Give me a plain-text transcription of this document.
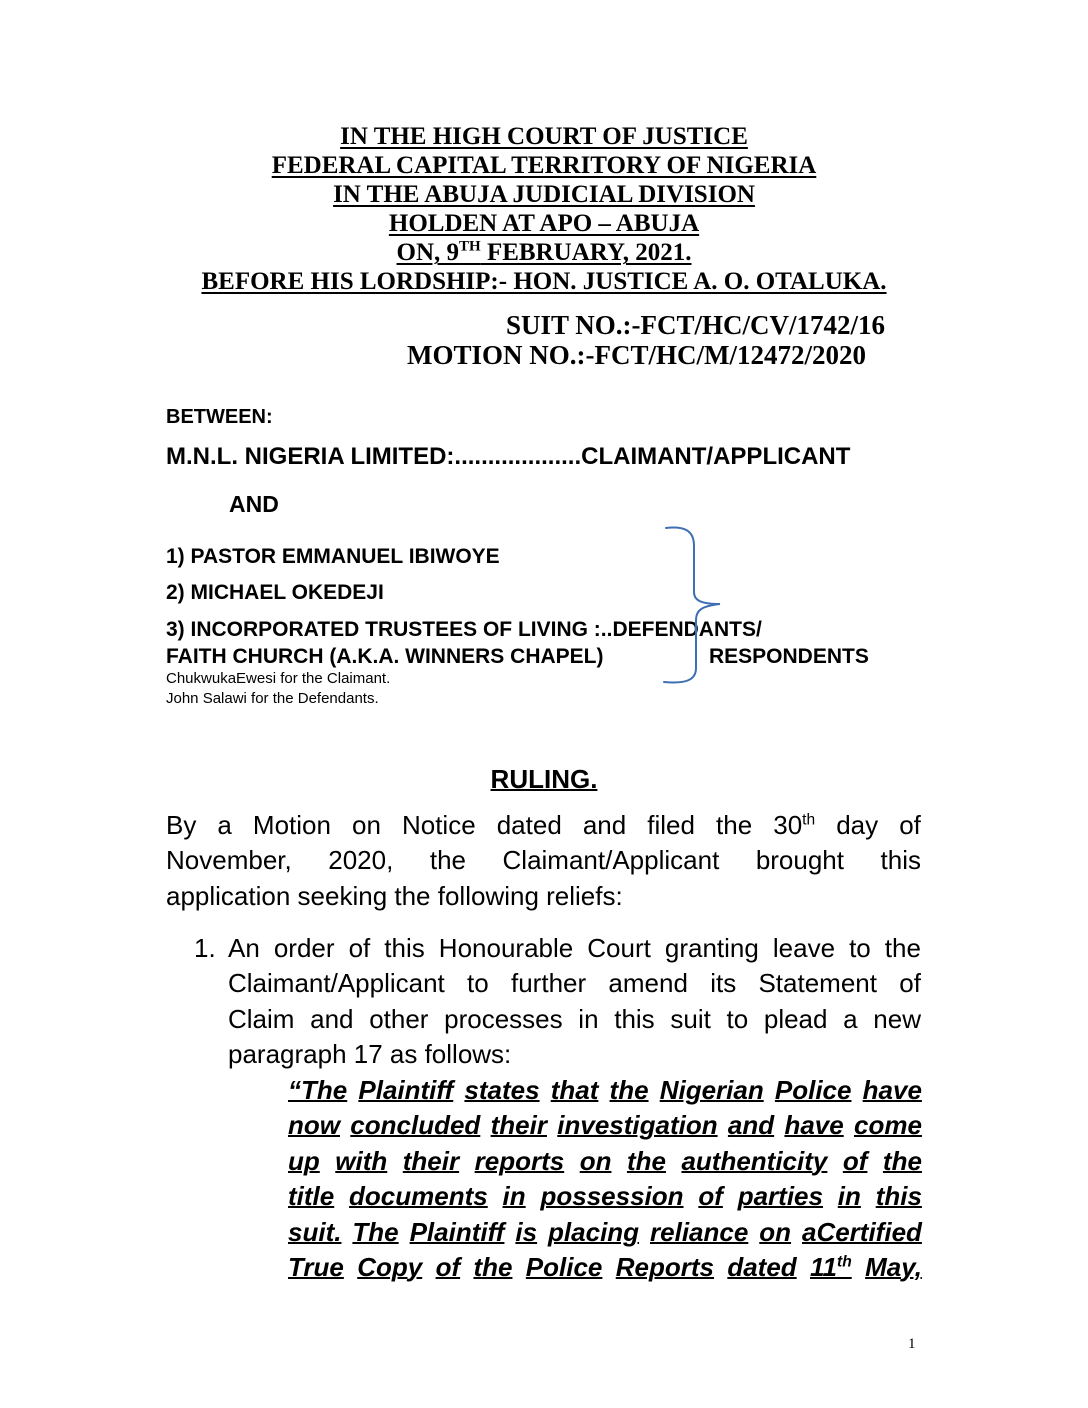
IN THE HIGH COURT OF JUSTICE
FEDERAL CAPITAL TERRITORY OF NIGERIA
IN THE ABUJA JUDICIAL DIVISION
HOLDEN AT APO – ABUJA
ON, 9TH FEBRUARY, 2021.
BEFORE HIS LORDSHIP:- HON. JUSTICE A. O. OTALUKA.
SUIT NO.:-FCT/HC/CV/1742/16
MOTION NO.:-FCT/HC/M/12472/2020
BETWEEN:
M.N.L. NIGERIA LIMITED:...................CLAIMANT/APPLICANT
AND
1) PASTOR EMMANUEL IBIWOYE
2) MICHAEL OKEDEJI
3) INCORPORATED TRUSTEES OF LIVING :..DEFENDANTS/
FAITH CHURCH (A.K.A. WINNERS CHAPEL)	RESPONDENTS
ChukwukaEwesi for the Claimant.
John Salawi for the Defendants.
RULING.
By a Motion on Notice dated and filed the 30th day of
November, 2020, the Claimant/Applicant brought this
application seeking the following reliefs:
1. An order of this Honourable Court granting leave to the
Claimant/Applicant to further amend its Statement of
Claim and other processes in this suit to plead a new
paragraph 17 as follows:
“The Plaintiff states that the Nigerian Police have
now concluded their investigation and have come
up with their reports on the authenticity of the
title documents in possession of parties in this
suit. The Plaintiff is placing reliance on aCertified
True Copy of the Police Reports dated 11th May,
1
